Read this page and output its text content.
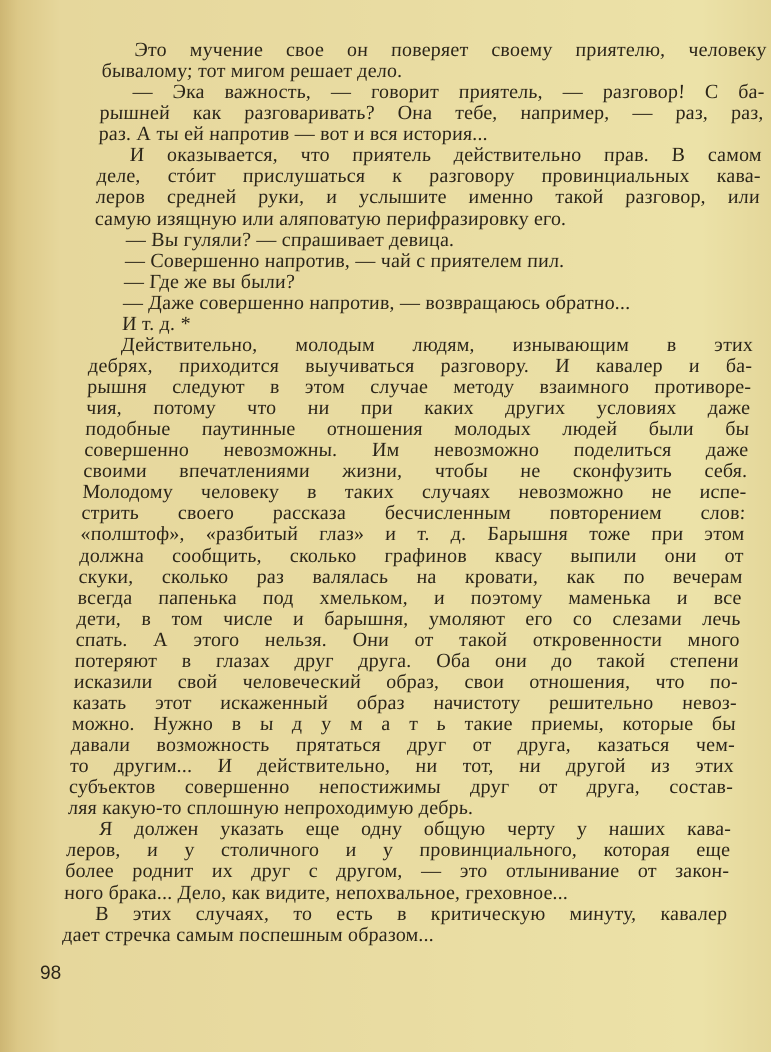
Это мучение свое он поверяет своему приятелю, человеку
бывалому; тот мигом решает дело.
— Эка важность, — говорит приятель, — разговор! С ба-
рышней как разговаривать? Она тебе, например, — раз, раз,
раз. А ты ей напротив — вот и вся история...
И оказывается, что приятель действительно прав. В самом
деле, стóит прислушаться к разговору провинциальных кава-
леров средней руки, и услышите именно такой разговор, или
самую изящную или аляповатую перифразировку его.
— Вы гуляли? — спрашивает девица.
— Совершенно напротив, — чай с приятелем пил.
— Где же вы были?
— Даже совершенно напротив, — возвращаюсь обратно...
И т. д. *
Действительно, молодым людям, изнывающим в этих
дебрях, приходится выучиваться разговору. И кавалер и ба-
рышня следуют в этом случае методу взаимного противоре-
чия, потому что ни при каких других условиях даже
подобные паутинные отношения молодых людей были бы
совершенно невозможны. Им невозможно поделиться даже
своими впечатлениями жизни, чтобы не сконфузить себя.
Молодому человеку в таких случаях невозможно не испе-
стрить своего рассказа бесчисленным повторением слов:
«полштоф», «разбитый глаз» и т. д. Барышня тоже при этом
должна сообщить, сколько графинов квасу выпили они от
скуки, сколько раз валялась на кровати, как по вечерам
всегда папенька под хмельком, и поэтому маменька и все
дети, в том числе и барышня, умоляют его со слезами лечь
спать. А этого нельзя. Они от такой откровенности много
потеряют в глазах друг друга. Оба они до такой степени
исказили свой человеческий образ, свои отношения, что по-
казать этот искаженный образ начистоту решительно невоз-
можно. Нужно в ы д у м а т ь такие приемы, которые бы
давали возможность прятаться друг от друга, казаться чем-
то другим... И действительно, ни тот, ни другой из этих
субъектов совершенно непостижимы друг от друга, состав-
ляя какую-то сплошную непроходимую дебрь.
Я должен указать еще одну общую черту у наших кава-
леров, и у столичного и у провинциального, которая еще
более роднит их друг с другом, — это отлынивание от закон-
ного брака... Дело, как видите, непохвальное, греховное...
В этих случаях, то есть в критическую минуту, кавалер
дает стречка самым поспешным образом...
98
